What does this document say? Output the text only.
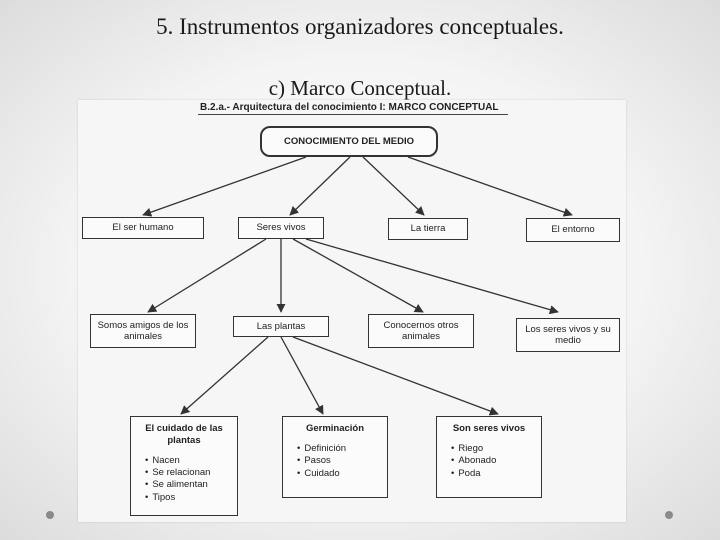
5. Instrumentos organizadores conceptuales.
c) Marco Conceptual.
B.2.a.- Arquitectura del conocimiento I: MARCO CONCEPTUAL
CONOCIMIENTO DEL MEDIO
El ser humano	Seres vivos	La tierra	El entorno
Somos amigos de los animales
Las plantas	Conocernos otros animales
Los seres vivos y su medio
El cuidado de las plantas
• Nacen
• Se relacionan
• Se alimentan
• Tipos
Germinación
• Definición
• Pasos
• Cuidado
Son seres vivos
• Riego
• Abonado
• Poda
